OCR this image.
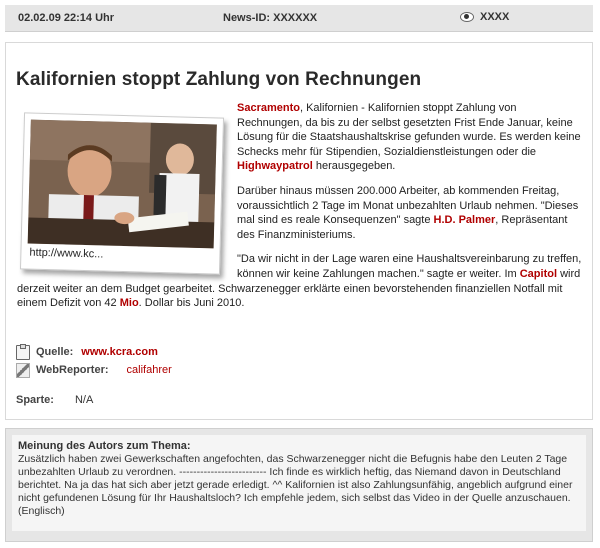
02.02.09 22:14 Uhr	News-ID: XXXXXX	XXXX
Kalifornien stoppt Zahlung von Rechnungen

Sacramento, Kalifornien - Kalifornien stoppt Zahlung von Rechnungen, da bis zu der selbst gesetzten Frist Ende Januar, keine Lösung für die Staatshaushaltskrise gefunden wurde. Es werden keine Schecks mehr für Stipendien, Sozialdienstleistungen oder die Highwaypatrol herausgegeben.

Darüber hinaus müssen 200.000 Arbeiter, ab kommenden Freitag, voraussichtlich 2 Tage im Monat unbezahlten Urlaub nehmen. "Dieses mal sind es reale Konsequenzen" sagte H.D. Palmer, Repräsentant des Finanzministeriums.

"Da wir nicht in der Lage waren eine Haushaltsvereinbarung zu treffen, können wir keine Zahlungen machen." sagte er weiter. Im Capitol wird derzeit weiter an dem Budget gearbeitet. Schwarzenegger erklärte einen bevorstehenden finanziellen Notfall mit einem Defizit von 42 Mio. Dollar bis Juni 2010.

http://www.kc...
Quelle: www.kcra.com
WebReporter: califahrer
Sparte: N/A
Meinung des Autors zum Thema:
Zusätzlich haben zwei Gewerkschaften angefochten, das Schwarzenegger nicht die Befugnis habe den Leuten 2 Tage unbezahlten Urlaub zu verordnen. ------------------------- Ich finde es wirklich heftig, das Niemand davon in Deutschland berichtet. Na ja das hat sich aber jetzt gerade erledigt. ^^ Kalifornien ist also Zahlungsunfähig, angeblich aufgrund einer nicht gefundenen Lösung für Ihr Haushaltsloch? Ich empfehle jedem, sich selbst das Video in der Quelle anzuschauen. (Englisch)
